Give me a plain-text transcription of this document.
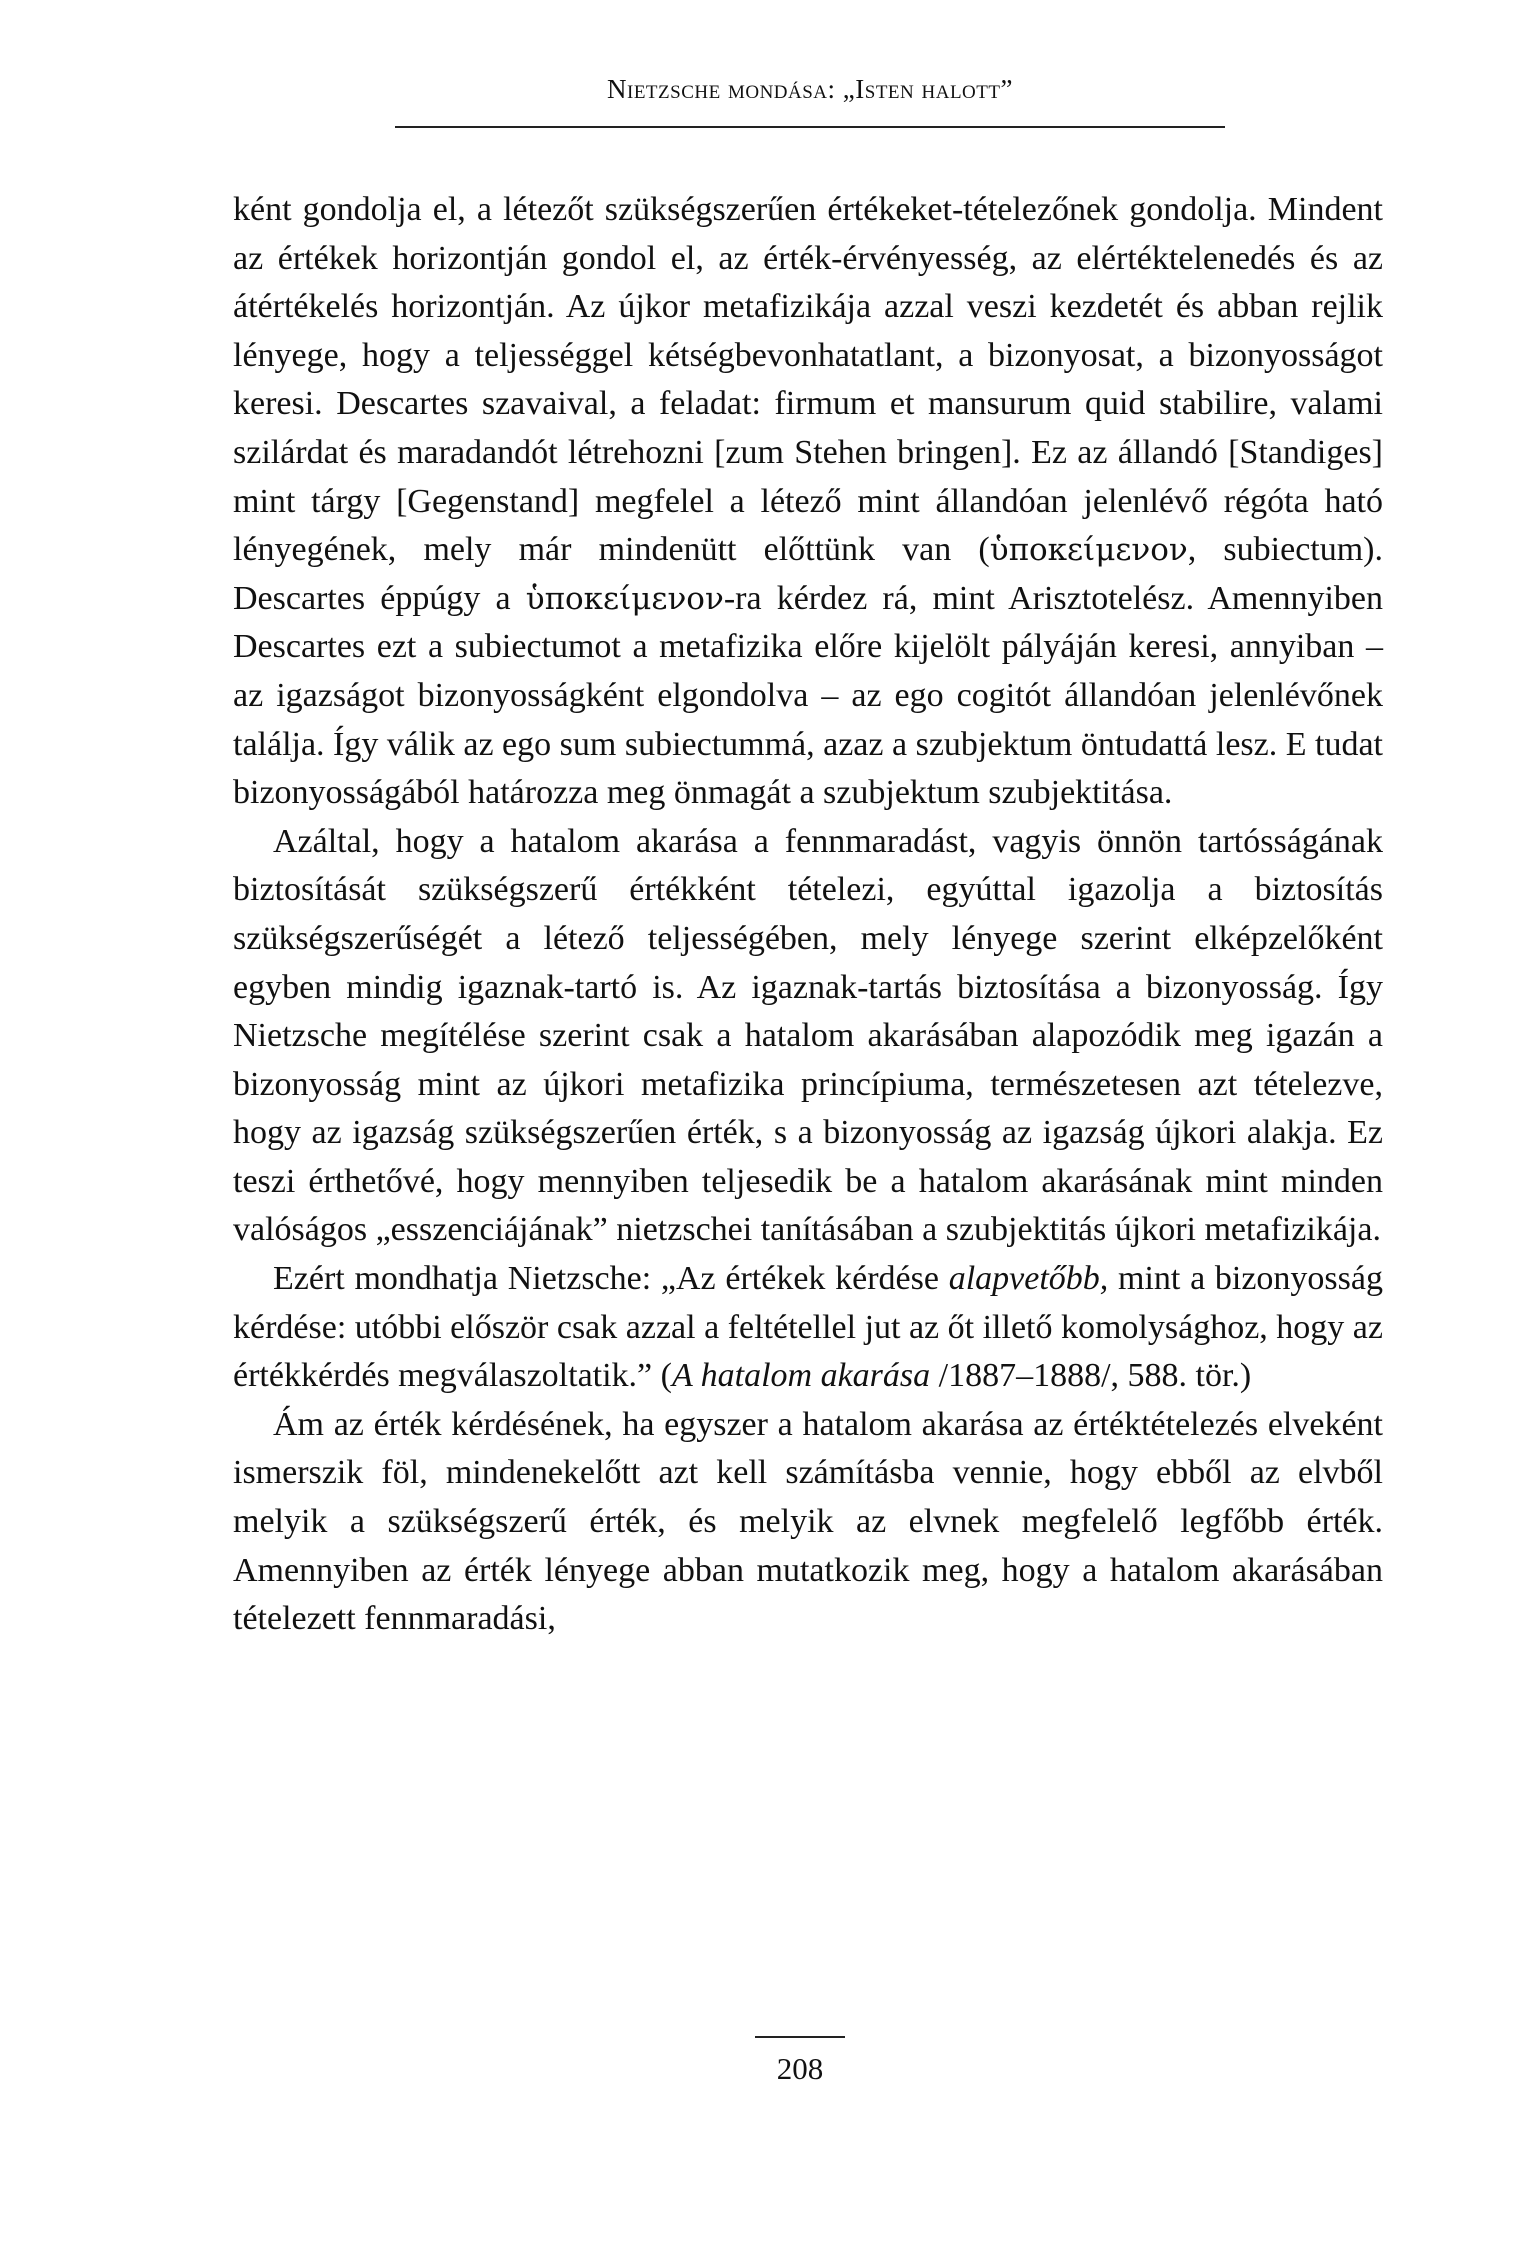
Nietzsche mondása: „Isten halott”

ként gondolja el, a létezőt szükségszerűen értékeket-tételezőnek gondolja. Mindent az értékek horizontján gondol el, az érték-érvényesség, az elértéktelenedés és az átértékelés horizontján. Az újkor metafizikája azzal veszi kezdetét és abban rejlik lényege, hogy a teljességgel kétségbevonhatatlant, a bizonyosat, a bizonyosságot keresi. Descartes szavaival, a feladat: firmum et mansurum quid stabilire, valami szilárdat és maradandót létrehozni [zum Stehen bringen]. Ez az állandó [Standiges] mint tárgy [Gegenstand] megfelel a létező mint állandóan jelenlévő régóta ható lényegének, mely már mindenütt előttünk van (ὑποκείμενον, subiectum). Descartes éppúgy a ὑποκείμενον-ra kérdez rá, mint Arisztotelész. Amennyiben Descartes ezt a subiectumot a metafizika előre kijelölt pályáján keresi, annyiban – az igazságot bizonyosságként elgondolva – az ego cogitót állandóan jelenlévőnek találja. Így válik az ego sum subiectummá, azaz a szubjektum öntudattá lesz. E tudat bizonyosságából határozza meg önmagát a szubjektum szubjektitása.

Azáltal, hogy a hatalom akarása a fennmaradást, vagyis önnön tartósságának biztosítását szükségszerű értékként tételezi, egyúttal igazolja a biztosítás szükségszerűségét a létező teljességében, mely lényege szerint elképzelőként egyben mindig igaznak-tartó is. Az igaznak-tartás biztosítása a bizonyosság. Így Nietzsche megítélése szerint csak a hatalom akarásában alapozódik meg igazán a bizonyosság mint az újkori metafizika princípiuma, természetesen azt tételezve, hogy az igazság szükségszerűen érték, s a bizonyosság az igazság újkori alakja. Ez teszi érthetővé, hogy mennyiben teljesedik be a hatalom akarásának mint minden valóságos „esszenciájának” nietzschei tanításában a szubjektitás újkori metafizikája.

Ezért mondhatja Nietzsche: „Az értékek kérdése alapvetőbb, mint a bizonyosság kérdése: utóbbi először csak azzal a feltétellel jut az őt illető komolysághoz, hogy az értékkérdés megválaszoltatik.” (A hatalom akarása /1887–1888/, 588. tör.)

Ám az érték kérdésének, ha egyszer a hatalom akarása az értéktételezés elveként ismerszik föl, mindenekelőtt azt kell számításba vennie, hogy ebből az elvből melyik a szükségszerű érték, és melyik az elvnek megfelelő legfőbb érték. Amennyiben az érték lényege abban mutatkozik meg, hogy a hatalom akarásában tételezett fennmaradási,

208
